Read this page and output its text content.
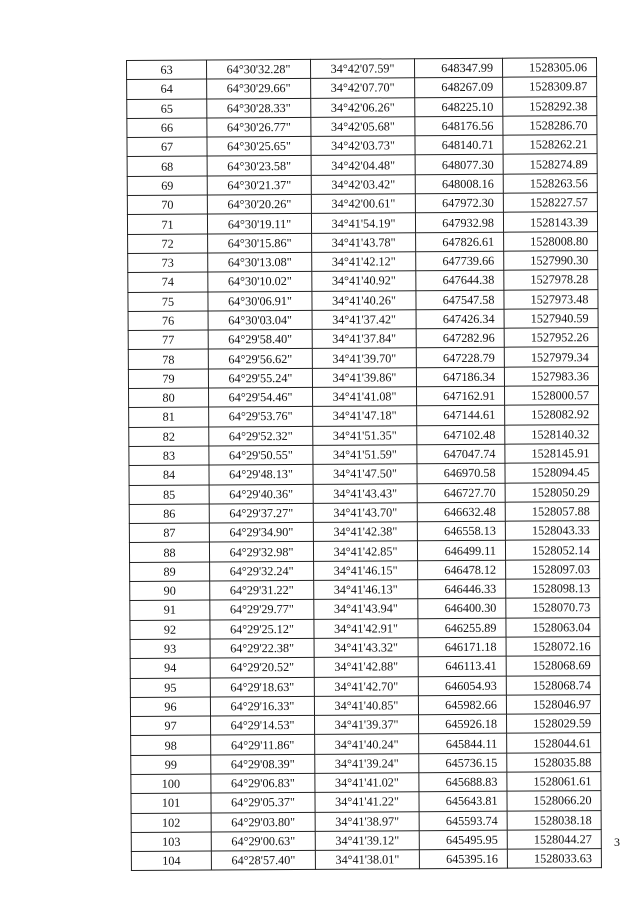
63	64°30'32.28"	34°42'07.59"	648347.99	1528305.06
64	64°30'29.66"	34°42'07.70"	648267.09	1528309.87
65	64°30'28.33"	34°42'06.26"	648225.10	1528292.38
66	64°30'26.77"	34°42'05.68"	648176.56	1528286.70
67	64°30'25.65"	34°42'03.73"	648140.71	1528262.21
68	64°30'23.58"	34°42'04.48"	648077.30	1528274.89
69	64°30'21.37"	34°42'03.42"	648008.16	1528263.56
70	64°30'20.26"	34°42'00.61"	647972.30	1528227.57
71	64°30'19.11"	34°41'54.19"	647932.98	1528143.39
72	64°30'15.86"	34°41'43.78"	647826.61	1528008.80
73	64°30'13.08"	34°41'42.12"	647739.66	1527990.30
74	64°30'10.02"	34°41'40.92"	647644.38	1527978.28
75	64°30'06.91"	34°41'40.26"	647547.58	1527973.48
76	64°30'03.04"	34°41'37.42"	647426.34	1527940.59
77	64°29'58.40"	34°41'37.84"	647282.96	1527952.26
78	64°29'56.62"	34°41'39.70"	647228.79	1527979.34
79	64°29'55.24"	34°41'39.86"	647186.34	1527983.36
80	64°29'54.46"	34°41'41.08"	647162.91	1528000.57
81	64°29'53.76"	34°41'47.18"	647144.61	1528082.92
82	64°29'52.32"	34°41'51.35"	647102.48	1528140.32
83	64°29'50.55"	34°41'51.59"	647047.74	1528145.91
84	64°29'48.13"	34°41'47.50"	646970.58	1528094.45
85	64°29'40.36"	34°41'43.43"	646727.70	1528050.29
86	64°29'37.27"	34°41'43.70"	646632.48	1528057.88
87	64°29'34.90"	34°41'42.38"	646558.13	1528043.33
88	64°29'32.98"	34°41'42.85"	646499.11	1528052.14
89	64°29'32.24"	34°41'46.15"	646478.12	1528097.03
90	64°29'31.22"	34°41'46.13"	646446.33	1528098.13
91	64°29'29.77"	34°41'43.94"	646400.30	1528070.73
92	64°29'25.12"	34°41'42.91"	646255.89	1528063.04
93	64°29'22.38"	34°41'43.32"	646171.18	1528072.16
94	64°29'20.52"	34°41'42.88"	646113.41	1528068.69
95	64°29'18.63"	34°41'42.70"	646054.93	1528068.74
96	64°29'16.33"	34°41'40.85"	645982.66	1528046.97
97	64°29'14.53"	34°41'39.37"	645926.18	1528029.59
98	64°29'11.86"	34°41'40.24"	645844.11	1528044.61
99	64°29'08.39"	34°41'39.24"	645736.15	1528035.88
100	64°29'06.83"	34°41'41.02"	645688.83	1528061.61
101	64°29'05.37"	34°41'41.22"	645643.81	1528066.20
102	64°29'03.80"	34°41'38.97"	645593.74	1528038.18
103	64°29'00.63"	34°41'39.12"	645495.95	1528044.27
104	64°28'57.40"	34°41'38.01"	645395.16	1528033.63
3
